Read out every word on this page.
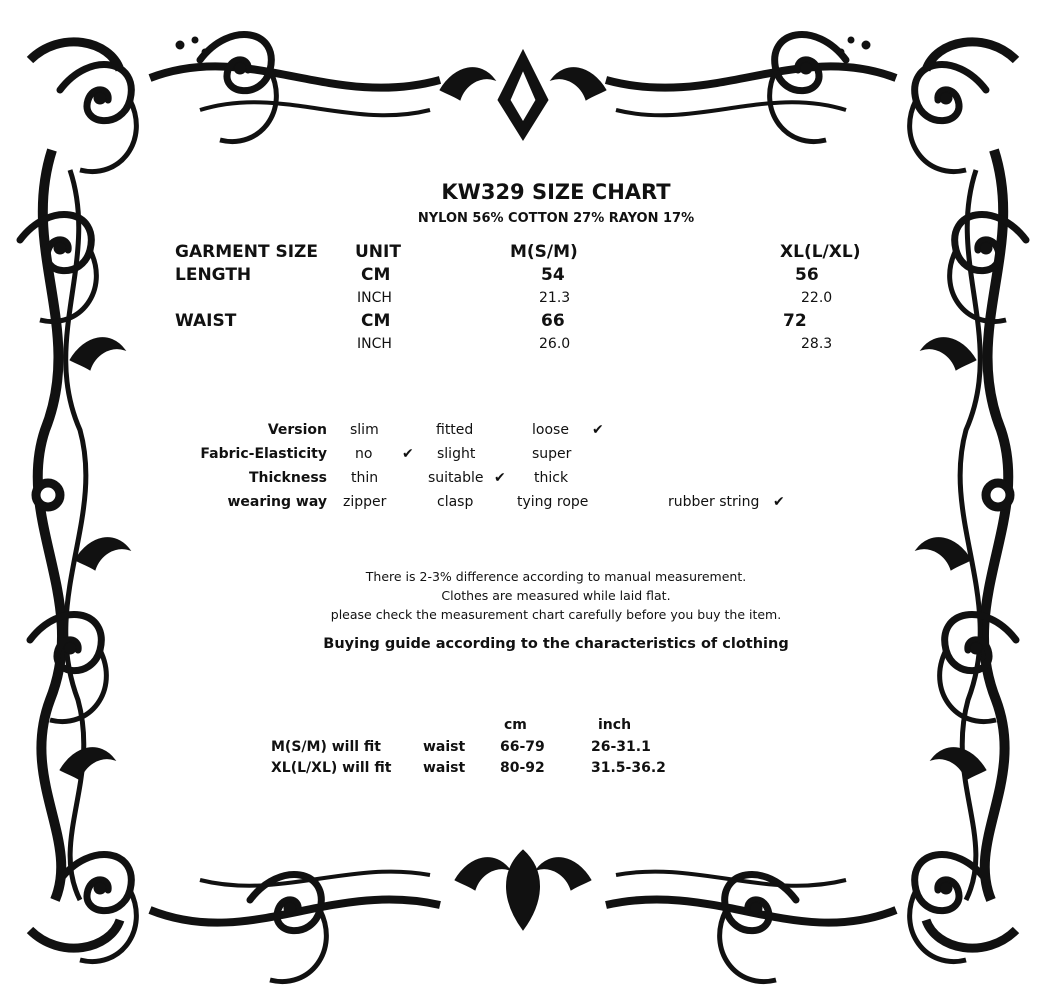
KW329 SIZE CHART
NYLON 56% COTTON 27% RAYON 17%
GARMENT SIZE UNIT	M(S/M)	XL(L/XL)
LENGTH	CM	54	56
INCH	21.3	22.0
WAIST	CM	66	72
INCH	26.0	28.3
Version slim	fitted	loose ✔
Fabric-Elasticity no ✔ slight	super
Thickness thin	suitable ✔ thick
wearing way zipper	clasp	tying rope	rubber string ✔
There is 2-3% difference according to manual measurement.
Clothes are measured while laid flat.
please check the measurement chart carefully before you buy the item.
Buying guide according to the characteristics of clothing
cm	inch
M(S/M) will fit	waist 66-79	26-31.1
XL(L/XL) will fit waist 80-92	31.5-36.2
